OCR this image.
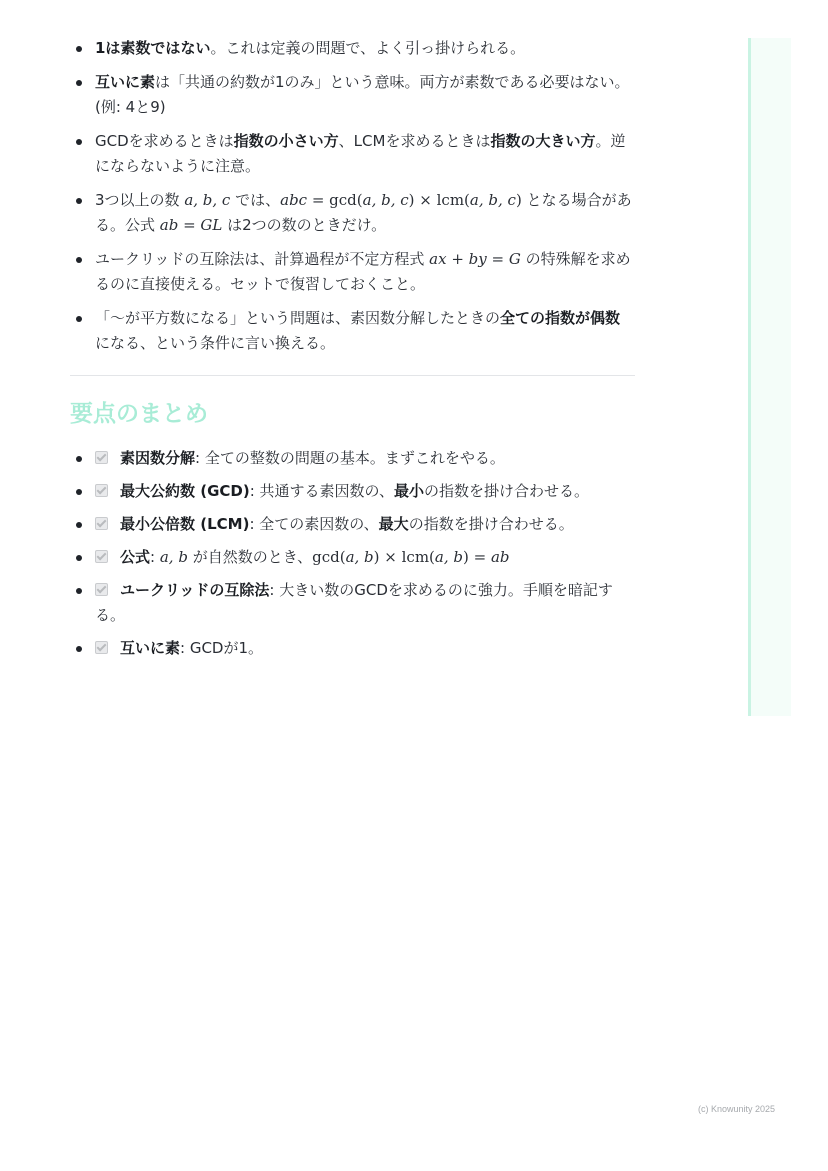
1は素数ではない。これは定義の問題で、よく引っ掛けられる。
互いに素は「共通の約数が1のみ」という意味。両方が素数である必要はない。(例: 4と9)
GCDを求めるときは指数の小さい方、LCMを求めるときは指数の大きい方。逆にならないように注意。
3つ以上の数 a, b, c では、abc = gcd(a, b, c) × lcm(a, b, c) となる場合がある。公式 ab = GL は2つの数のときだけ。
ユークリッドの互除法は、計算過程が不定方程式 ax + by = G の特殊解を求めるのに直接使える。セットで復習しておくこと。
「〜が平方数になる」という問題は、素因数分解したときの全ての指数が偶数になる、という条件に言い換える。
要点のまとめ
素因数分解: 全ての整数の問題の基本。まずこれをやる。
最大公約数 (GCD): 共通する素因数の、最小の指数を掛け合わせる。
最小公倍数 (LCM): 全ての素因数の、最大の指数を掛け合わせる。
公式: a, b が自然数のとき、gcd(a, b) × lcm(a, b) = ab
ユークリッドの互除法: 大きい数のGCDを求めるのに強力。手順を暗記する。
互いに素: GCDが1。
(c) Knowunity 2025
